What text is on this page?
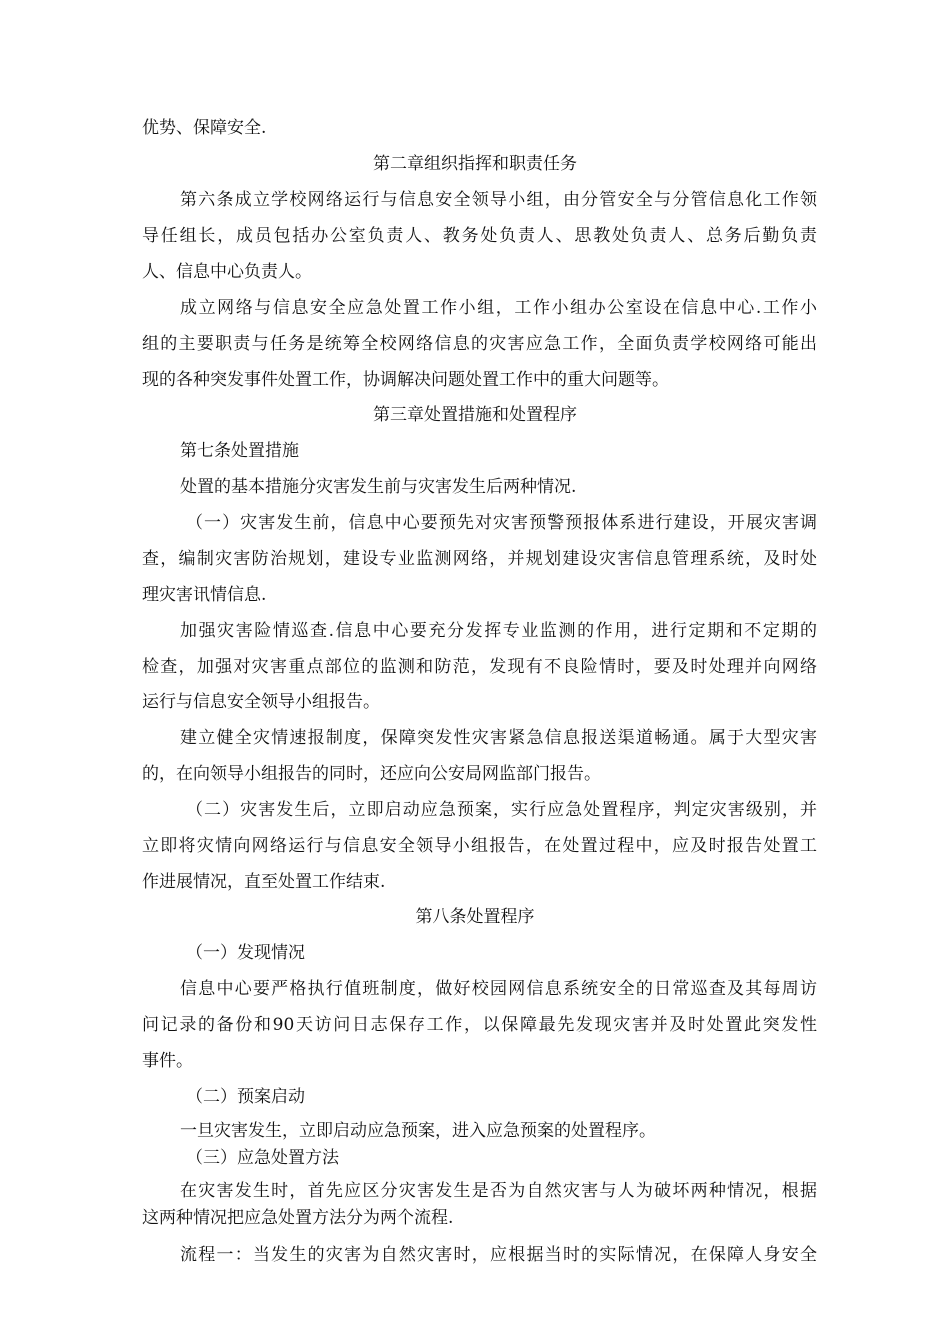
优势、保障安全.
第二章组织指挥和职责任务
第六条成立学校网络运行与信息安全领导小组，由分管安全与分管信息化工作领
导任组长，成员包括办公室负责人、教务处负责人、思教处负责人、总务后勤负责
人、信息中心负责人。
成立网络与信息安全应急处置工作小组，工作小组办公室设在信息中心.工作小
组的主要职责与任务是统筹全校网络信息的灾害应急工作，全面负责学校网络可能出
现的各种突发事件处置工作，协调解决问题处置工作中的重大问题等。
第三章处置措施和处置程序
第七条处置措施
处置的基本措施分灾害发生前与灾害发生后两种情况.
（一）灾害发生前，信息中心要预先对灾害预警预报体系进行建设，开展灾害调
查，编制灾害防治规划，建设专业监测网络，并规划建设灾害信息管理系统，及时处
理灾害讯情信息.
加强灾害险情巡查.信息中心要充分发挥专业监测的作用，进行定期和不定期的
检查，加强对灾害重点部位的监测和防范，发现有不良险情时，要及时处理并向网络
运行与信息安全领导小组报告。
建立健全灾情速报制度，保障突发性灾害紧急信息报送渠道畅通。属于大型灾害
的，在向领导小组报告的同时，还应向公安局网监部门报告。
（二）灾害发生后，立即启动应急预案，实行应急处置程序，判定灾害级别，并
立即将灾情向网络运行与信息安全领导小组报告，在处置过程中，应及时报告处置工
作进展情况，直至处置工作结束.
第八条处置程序
（一）发现情况
信息中心要严格执行值班制度，做好校园网信息系统安全的日常巡查及其每周访
问记录的备份和90天访问日志保存工作，以保障最先发现灾害并及时处置此突发性
事件。
（二）预案启动
一旦灾害发生，立即启动应急预案，进入应急预案的处置程序。
（三）应急处置方法
在灾害发生时，首先应区分灾害发生是否为自然灾害与人为破坏两种情况，根据
这两种情况把应急处置方法分为两个流程.
流程一：当发生的灾害为自然灾害时，应根据当时的实际情况，在保障人身安全
